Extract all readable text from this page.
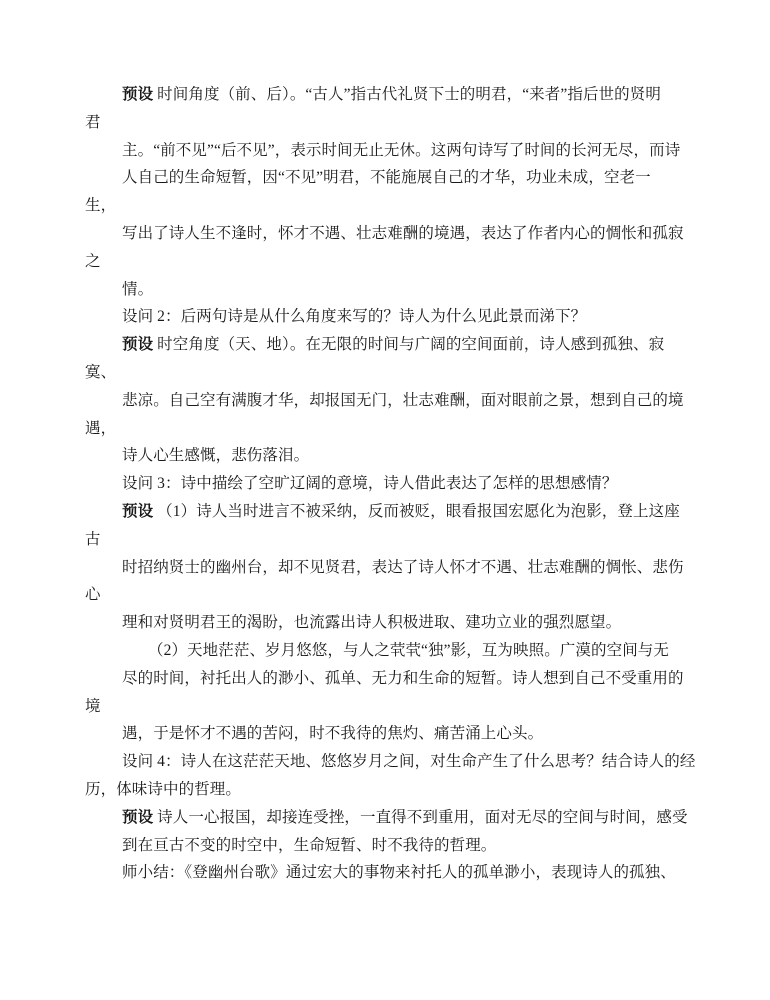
预设 时间角度（前、后）。“古人”指古代礼贤下士的明君，“来者”指后世的贤明
君
主。“前不见”“后不见”，表示时间无止无休。这两句诗写了时间的长河无尽，而诗
人自己的生命短暂，因“不见”明君，不能施展自己的才华，功业未成，空老一
生，
写出了诗人生不逢时，怀才不遇、壮志难酬的境遇，表达了作者内心的惆怅和孤寂
之
情。
设问 2：后两句诗是从什么角度来写的？诗人为什么见此景而涕下？
预设 时空角度（天、地）。在无限的时间与广阔的空间面前，诗人感到孤独、寂
寞、
悲凉。自己空有满腹才华，却报国无门，壮志难酬，面对眼前之景，想到自己的境
遇，
诗人心生感慨，悲伤落泪。
设问 3：诗中描绘了空旷辽阔的意境，诗人借此表达了怎样的思想感情？
预设 （1）诗人当时进言不被采纳，反而被贬，眼看报国宏愿化为泡影，登上这座
古
时招纳贤士的幽州台，却不见贤君，表达了诗人怀才不遇、壮志难酬的惆怅、悲伤
心
理和对贤明君王的渴盼，也流露出诗人积极进取、建功立业的强烈愿望。
（2）天地茫茫、岁月悠悠，与人之茕茕“独”影，互为映照。广漠的空间与无
尽的时间，衬托出人的渺小、孤单、无力和生命的短暂。诗人想到自己不受重用的
境
遇，于是怀才不遇的苦闷，时不我待的焦灼、痛苦涌上心头。
设问 4：诗人在这茫茫天地、悠悠岁月之间，对生命产生了什么思考？结合诗人的经
历，体味诗中的哲理。
预设 诗人一心报国，却接连受挫，一直得不到重用，面对无尽的空间与时间，感受
到在亘古不变的时空中，生命短暂、时不我待的哲理。
师小结：《登幽州台歌》通过宏大的事物来衬托人的孤单渺小，表现诗人的孤独、
